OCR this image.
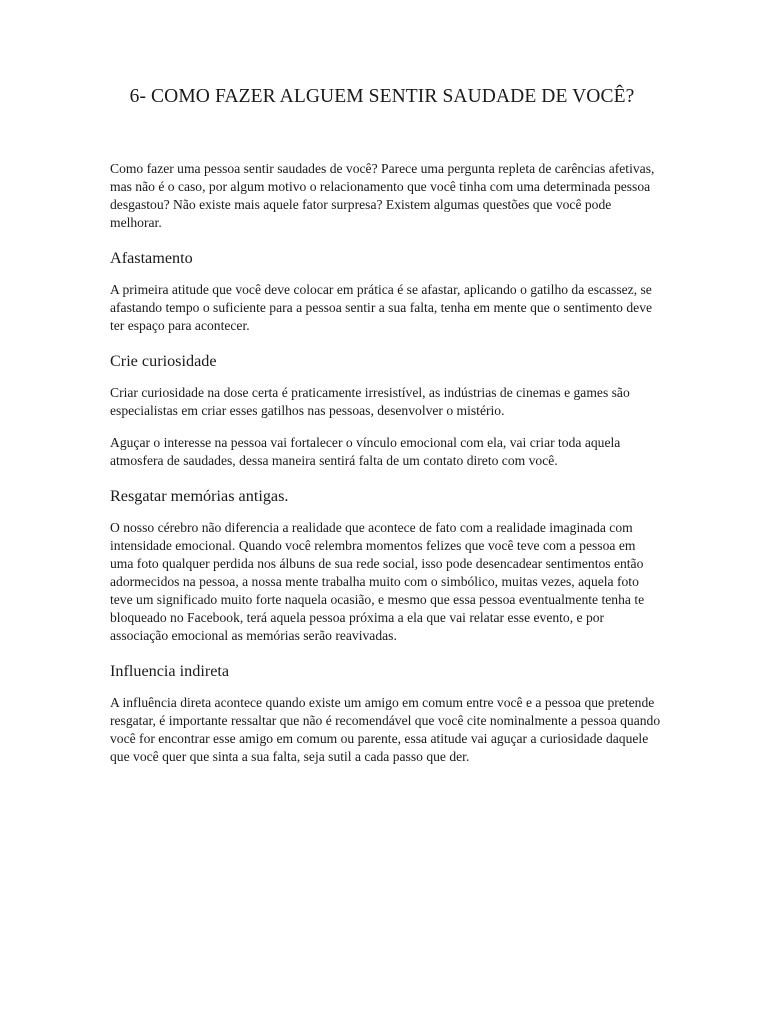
6- COMO FAZER ALGUEM SENTIR SAUDADE DE VOCÊ?

Como fazer uma pessoa sentir saudades de você? Parece uma pergunta repleta de carências afetivas, mas não é o caso, por algum motivo o relacionamento que você tinha com uma determinada pessoa desgastou? Não existe mais aquele fator surpresa? Existem algumas questões que você pode melhorar.

Afastamento

A primeira atitude que você deve colocar em prática é se afastar, aplicando o gatilho da escassez, se afastando tempo o suficiente para a pessoa sentir a sua falta, tenha em mente que o sentimento deve ter espaço para acontecer.

Crie curiosidade

Criar curiosidade na dose certa é praticamente irresistível, as indústrias de cinemas e games são especialistas em criar esses gatilhos nas pessoas, desenvolver o mistério.

Aguçar o interesse na pessoa vai fortalecer o vínculo emocional com ela, vai criar toda aquela atmosfera de saudades, dessa maneira sentirá falta de um contato direto com você.

Resgatar memórias antigas.

O nosso cérebro não diferencia a realidade que acontece de fato com a realidade imaginada com intensidade emocional. Quando você relembra momentos felizes que você teve com a pessoa em uma foto qualquer perdida nos álbuns de sua rede social, isso pode desencadear sentimentos então adormecidos na pessoa, a nossa mente trabalha muito com o simbólico, muitas vezes, aquela foto teve um significado muito forte naquela ocasião, e mesmo que essa pessoa eventualmente tenha te bloqueado no Facebook, terá aquela pessoa próxima a ela que vai relatar esse evento, e por associação emocional as memórias serão reavivadas.

Influencia indireta

A influência direta acontece quando existe um amigo em comum entre você e a pessoa que pretende resgatar, é importante ressaltar que não é recomendável que você cite nominalmente a pessoa quando você for encontrar esse amigo em comum ou parente, essa atitude vai aguçar a curiosidade daquele que você quer que sinta a sua falta, seja sutil a cada passo que der.
